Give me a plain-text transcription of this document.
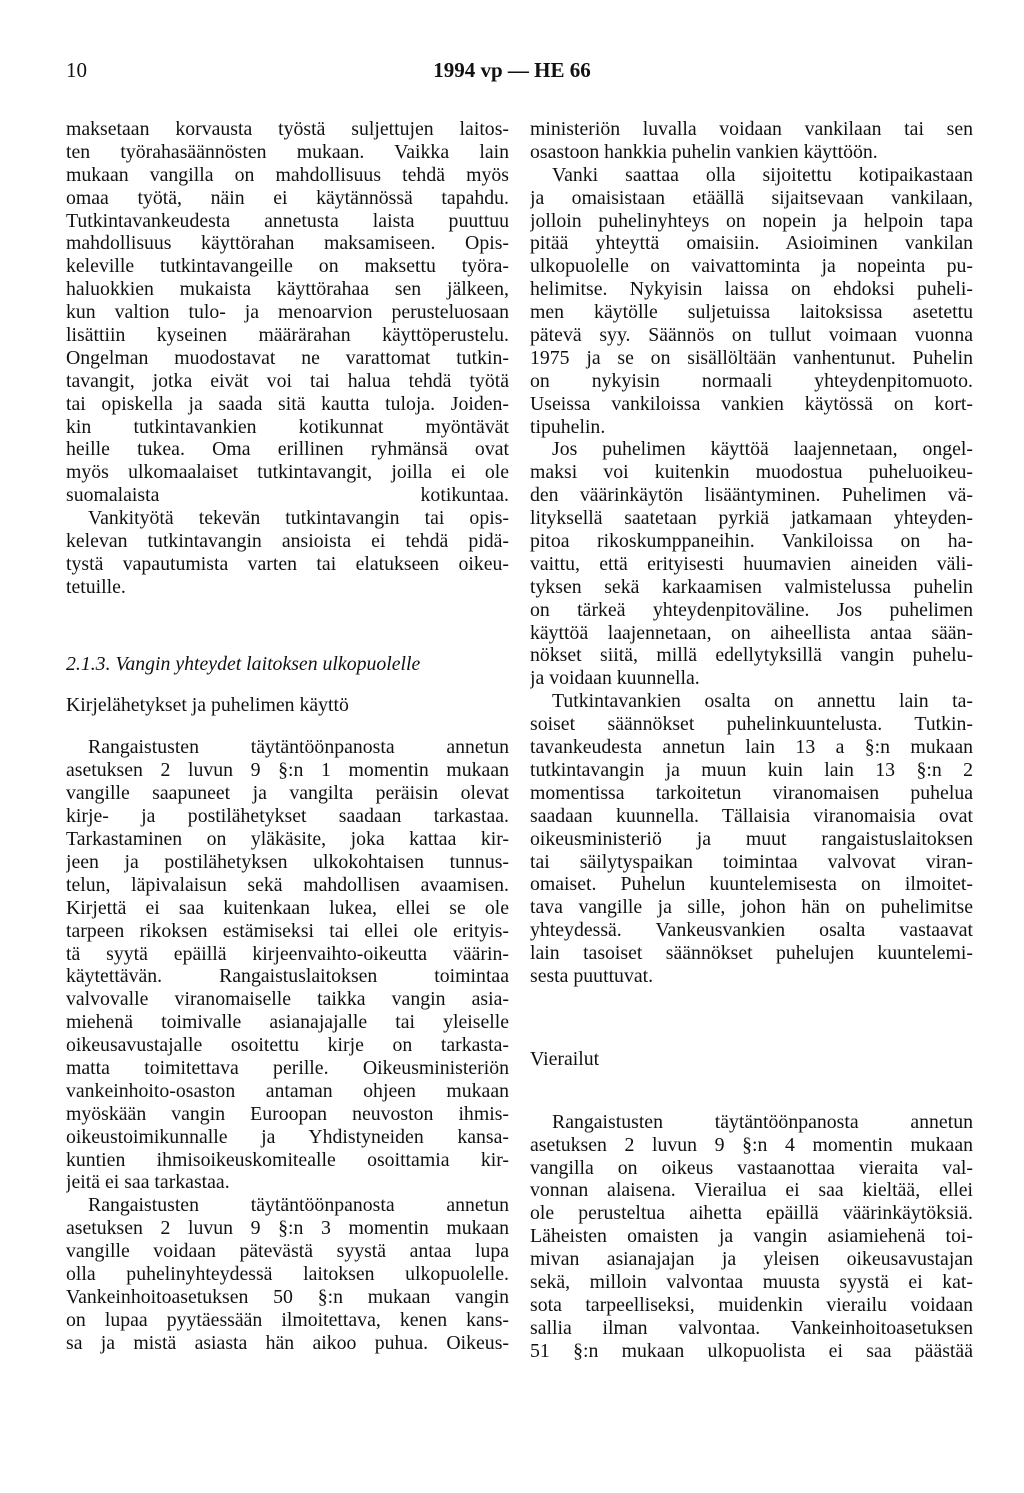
10	1994 vp — HE 66
maksetaan korvausta työstä suljettujen laitos-
ten työrahasäännösten mukaan. Vaikka lain
mukaan vangilla on mahdollisuus tehdä myös
omaa työtä, näin ei käytännössä tapahdu.
Tutkintavankeudesta annetusta laista puuttuu
mahdollisuus käyttörahan maksamiseen. Opis-
keleville tutkintavangeille on maksettu työra-
haluokkien mukaista käyttörahaa sen jälkeen,
kun valtion tulo- ja menoarvion perusteluosaan
lisättiin kyseinen määrärahan käyttöperustelu.
Ongelman muodostavat ne varattomat tutkin-
tavangit, jotka eivät voi tai halua tehdä työtä
tai opiskella ja saada sitä kautta tuloja. Joiden-
kin tutkintavankien kotikunnat myöntävät
heille tukea. Oma erillinen ryhmänsä ovat
myös ulkomaalaiset tutkintavangit, joilla ei ole
suomalaista kotikuntaa.
Vankityötä tekevän tutkintavangin tai opis-
kelevan tutkintavangin ansioista ei tehdä pidä-
tystä vapautumista varten tai elatukseen oikeu-
tetuille.
2.1.3. Vangin yhteydet laitoksen ulkopuolelle
Kirjelähetykset ja puhelimen käyttö
Rangaistusten täytäntöönpanosta annetun
asetuksen 2 luvun 9 §:n 1 momentin mukaan
vangille saapuneet ja vangilta peräisin olevat
kirje- ja postilähetykset saadaan tarkastaa.
Tarkastaminen on yläkäsite, joka kattaa kir-
jeen ja postilähetyksen ulkokohtaisen tunnus-
telun, läpivalaisun sekä mahdollisen avaamisen.
Kirjettä ei saa kuitenkaan lukea, ellei se ole
tarpeen rikoksen estämiseksi tai ellei ole erityis-
tä syytä epäillä kirjeenvaihto-oikeutta väärin-
käytettävän. Rangaistuslaitoksen toimintaa
valvovalle viranomaiselle taikka vangin asia-
miehenä toimivalle asianajajalle tai yleiselle
oikeusavustajalle osoitettu kirje on tarkasta-
matta toimitettava perille. Oikeusministeriön
vankeinhoito-osaston antaman ohjeen mukaan
myöskään vangin Euroopan neuvoston ihmis-
oikeustoimikunnalle ja Yhdistyneiden kansa-
kuntien ihmisoikeuskomitealle osoittamia kir-
jeitä ei saa tarkastaa.
Rangaistusten täytäntöönpanosta annetun
asetuksen 2 luvun 9 §:n 3 momentin mukaan
vangille voidaan pätevästä syystä antaa lupa
olla puhelinyhteydessä laitoksen ulkopuolelle.
Vankeinhoitoasetuksen 50 §:n mukaan vangin
on lupaa pyytäessään ilmoitettava, kenen kans-
sa ja mistä asiasta hän aikoo puhua. Oikeus-
ministeriön luvalla voidaan vankilaan tai sen
osastoon hankkia puhelin vankien käyttöön.
Vanki saattaa olla sijoitettu kotipaikastaan
ja omaisistaan etäällä sijaitsevaan vankilaan,
jolloin puhelinyhteys on nopein ja helpoin tapa
pitää yhteyttä omaisiin. Asioiminen vankilan
ulkopuolelle on vaivattominta ja nopeinta pu-
helimitse. Nykyisin laissa on ehdoksi puheli-
men käytölle suljetuissa laitoksissa asetettu
pätevä syy. Säännös on tullut voimaan vuonna
1975 ja se on sisällöltään vanhentunut. Puhelin
on nykyisin normaali yhteydenpitomuoto.
Useissa vankiloissa vankien käytössä on kort-
tipuhelin.
Jos puhelimen käyttöä laajennetaan, ongel-
maksi voi kuitenkin muodostua puheluoikeu-
den väärinkäytön lisääntyminen. Puhelimen vä-
lityksellä saatetaan pyrkiä jatkamaan yhteyden-
pitoa rikoskumppaneihin. Vankiloissa on ha-
vaittu, että erityisesti huumavien aineiden väli-
tyksen sekä karkaamisen valmistelussa puhelin
on tärkeä yhteydenpitoväline. Jos puhelimen
käyttöä laajennetaan, on aiheellista antaa sään-
nökset siitä, millä edellytyksillä vangin puhelu-
ja voidaan kuunnella.
Tutkintavankien osalta on annettu lain ta-
soiset säännökset puhelinkuuntelusta. Tutkin-
tavankeudesta annetun lain 13 a §:n mukaan
tutkintavangin ja muun kuin lain 13 §:n 2
momentissa tarkoitetun viranomaisen puhelua
saadaan kuunnella. Tällaisia viranomaisia ovat
oikeusministeriö ja muut rangaistuslaitoksen
tai säilytyspaikan toimintaa valvovat viran-
omaiset. Puhelun kuuntelemisesta on ilmoitet-
tava vangille ja sille, johon hän on puhelimitse
yhteydessä. Vankeusvankien osalta vastaavat
lain tasoiset säännökset puhelujen kuuntelemi-
sesta puuttuvat.
Vierailut
Rangaistusten täytäntöönpanosta annetun
asetuksen 2 luvun 9 §:n 4 momentin mukaan
vangilla on oikeus vastaanottaa vieraita val-
vonnan alaisena. Vierailua ei saa kieltää, ellei
ole perusteltua aihetta epäillä väärinkäytöksiä.
Läheisten omaisten ja vangin asiamiehenä toi-
mivan asianajajan ja yleisen oikeusavustajan
sekä, milloin valvontaa muusta syystä ei kat-
sota tarpeelliseksi, muidenkin vierailu voidaan
sallia ilman valvontaa. Vankeinhoitoasetuksen
51 §:n mukaan ulkopuolista ei saa päästää
